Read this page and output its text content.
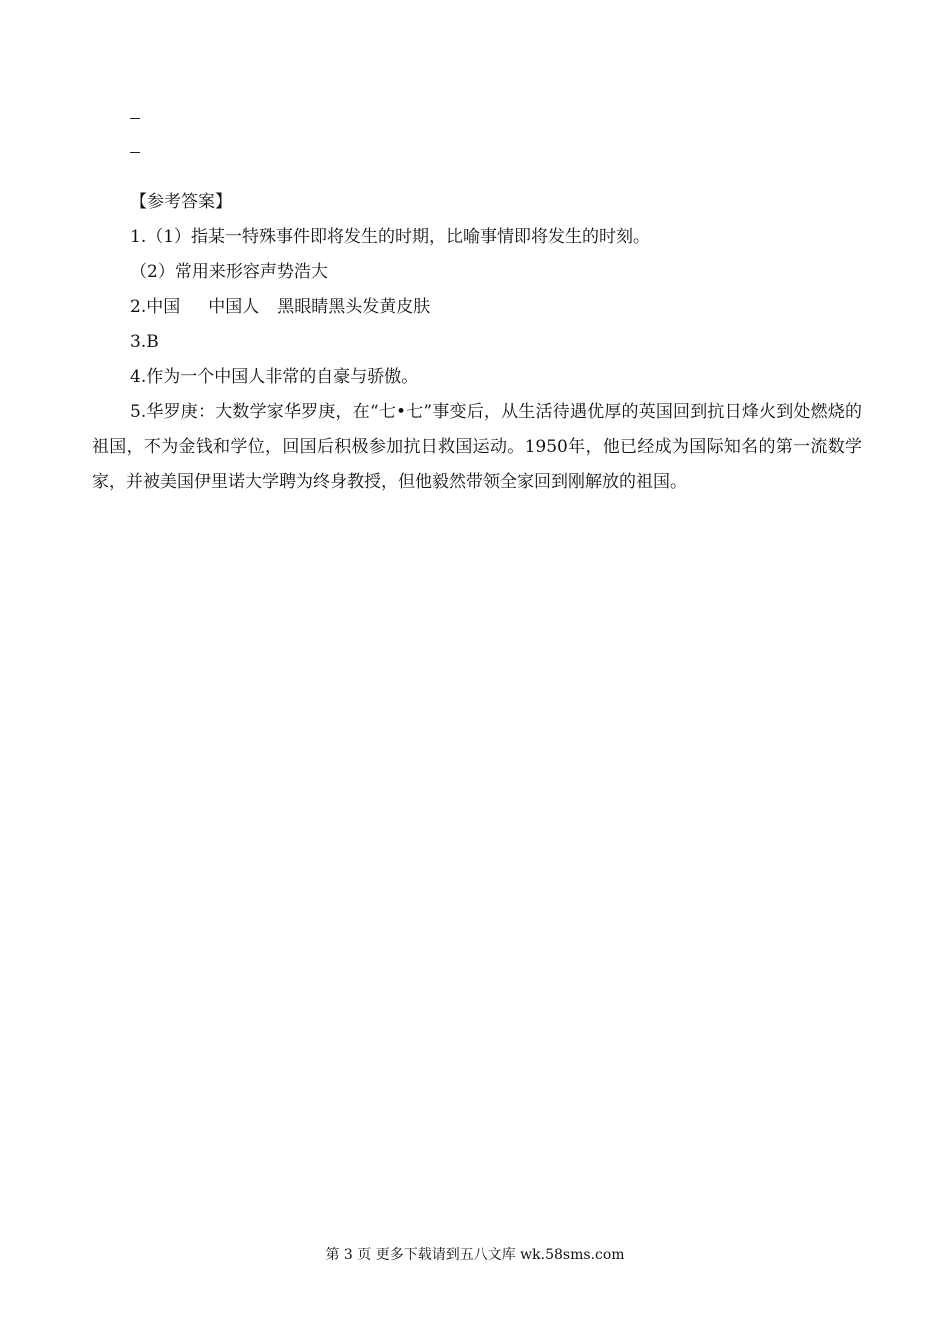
【参考答案】
1.（1）指某一特殊事件即将发生的时期，比喻事情即将发生的时刻。
（2）常用来形容声势浩大
2.中国 中国人 黑眼睛黑头发黄皮肤
3.B
4.作为一个中国人非常的自豪与骄傲。
5.华罗庚：大数学家华罗庚，在“七•七”事变后，从生活待遇优厚的英国回到抗日烽火到处燃烧的祖国，不为金钱和学位，回国后积极参加抗日救国运动。1950年，他已经成为国际知名的第一流数学家，并被美国伊里诺大学聘为终身教授，但他毅然带领全家回到刚解放的祖国。
第 3 页 更多下载请到五八文库 wk.58sms.com
